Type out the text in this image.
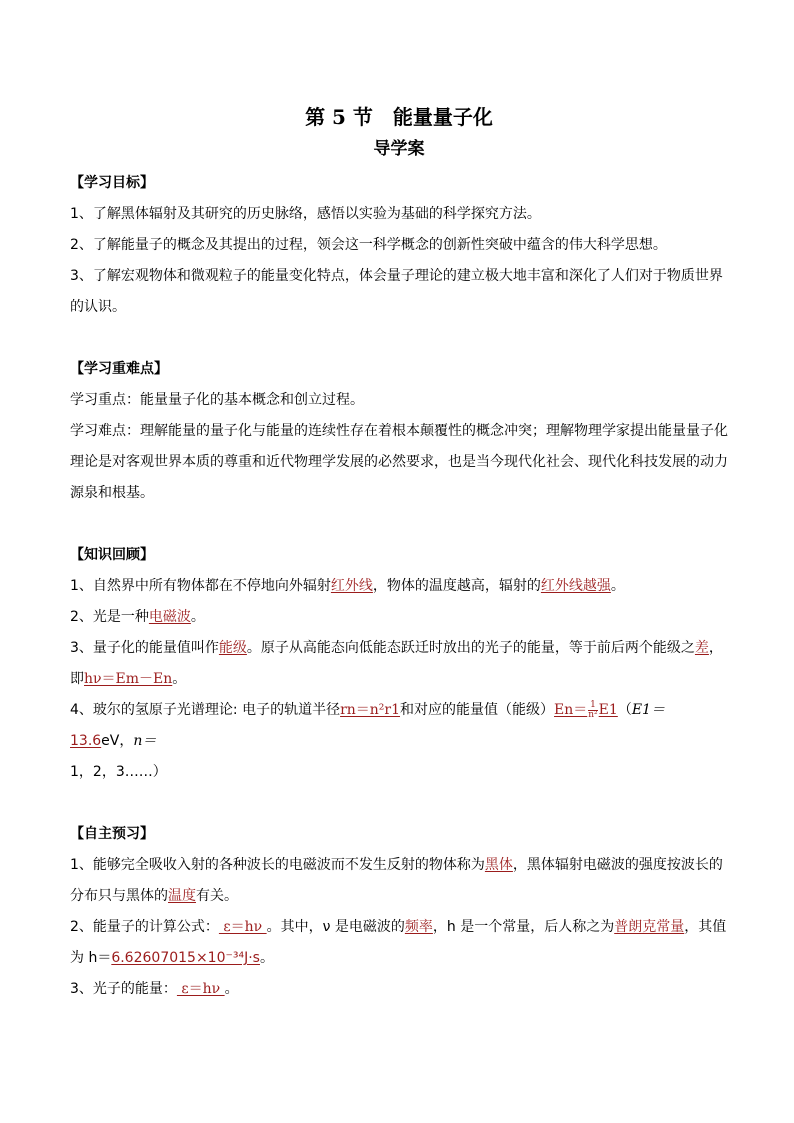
第 5 节　能量量子化
导学案

【学习目标】

1、了解黑体辐射及其研究的历史脉络，感悟以实验为基础的科学探究方法。

2、了解能量子的概念及其提出的过程，领会这一科学概念的创新性突破中蕴含的伟大科学思想。

3、了解宏观物体和微观粒子的能量变化特点，体会量子理论的建立极大地丰富和深化了人们对于物质世界的认识。

【学习重难点】

学习重点：能量量子化的基本概念和创立过程。

学习难点：理解能量的量子化与能量的连续性存在着根本颠覆性的概念冲突；理解物理学家提出能量量子化理论是对客观世界本质的尊重和近代物理学发展的必然要求，也是当今现代化社会、现代化科技发展的动力源泉和根基。

【知识回顾】

1、自然界中所有物体都在不停地向外辐射红外线，物体的温度越高，辐射的红外线越强。

2、光是一种电磁波。

3、量子化的能量值叫作能级。原子从高能态向低能态跃迁时放出的光子的能量，等于前后两个能级之差，
即hν＝Em－En。

4、玻尔的氢原子光谱理论: 电子的轨道半径rn＝n²r1和对应的能量值（能级）$En= \frac{1}{\text{n²}} E1(E1=13.6eV$，n＝
1，2，3……）

【自主预习】

1、能够完全吸收入射的各种波长的电磁波而不发生反射的物体称为黑体，黑体辐射电磁波的强度按波长的分布只与黑体的温度有关。

2、能量子的计算公式： ε＝hν 。其中，ν 是电磁波的频率，h 是一个常量，后人称之为普朗克常量，其值为 h＝6.62607015×10⁻³⁴J·s。

3、光子的能量： ε＝hν 。
